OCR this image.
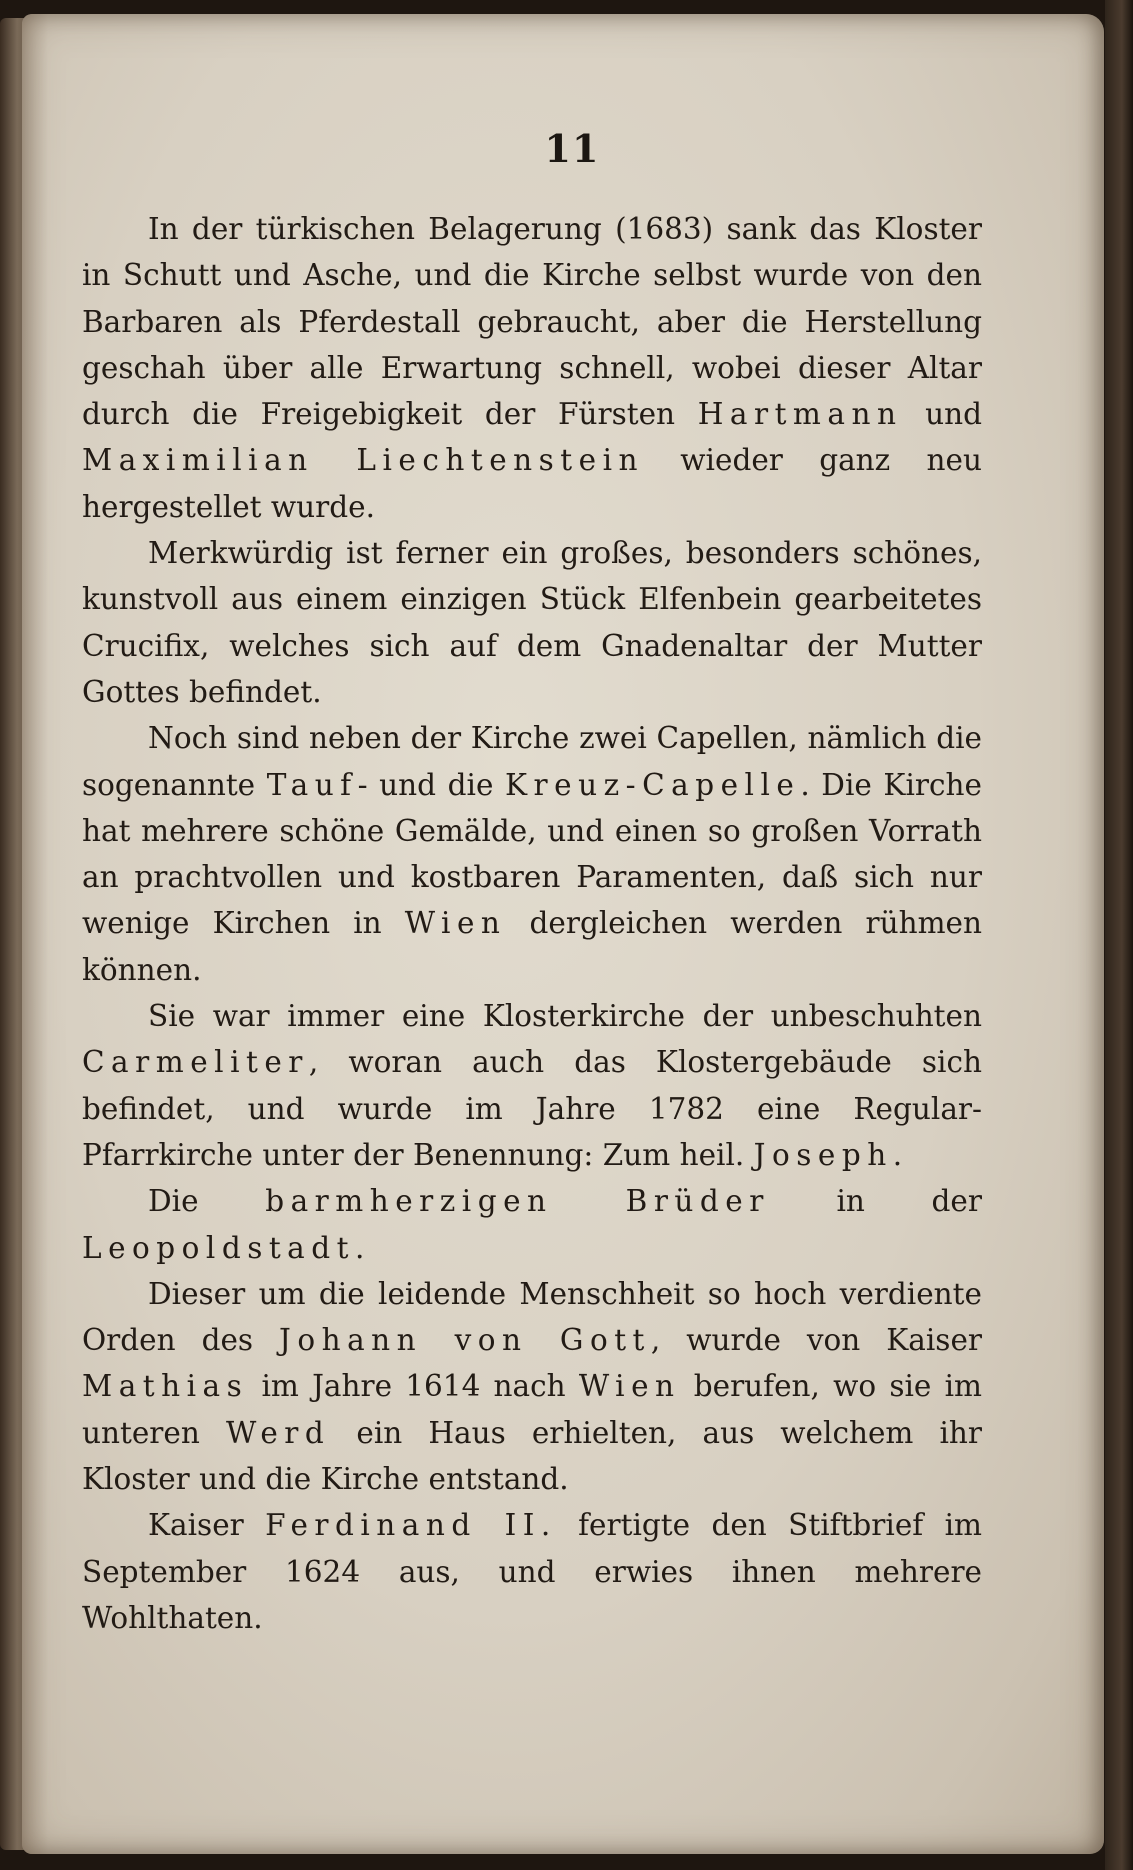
11

In der türkischen Belagerung (1683) sank das Kloster in Schutt und Asche, und die Kirche selbst wurde von den Barbaren als Pferdestall gebraucht, aber die Herstellung geschah über alle Erwartung schnell, wobei dieser Altar durch die Freigebigkeit der Fürsten Hartmann und Maximilian Liechtenstein wieder ganz neu hergestellet wurde.

Merkwürdig ist ferner ein großes, besonders schönes, kunstvoll aus einem einzigen Stück Elfenbein gearbeitetes Crucifix, welches sich auf dem Gnadenaltar der Mutter Gottes befindet.

Noch sind neben der Kirche zwei Capellen, nämlich die sogenannte Tauf- und die Kreuz-Capelle. Die Kirche hat mehrere schöne Gemälde, und einen so großen Vorrath an prachtvollen und kostbaren Paramenten, daß sich nur wenige Kirchen in Wien dergleichen werden rühmen können.

Sie war immer eine Klosterkirche der unbeschuhten Carmeliter, woran auch das Klostergebäude sich befindet, und wurde im Jahre 1782 eine Regular-Pfarrkirche unter der Benennung: Zum heil. Joseph.

Die barmherzigen Brüder in der Leopoldstadt.

Dieser um die leidende Menschheit so hoch verdiente Orden des Johann von Gott, wurde von Kaiser Mathias im Jahre 1614 nach Wien berufen, wo sie im unteren Werd ein Haus erhielten, aus welchem ihr Kloster und die Kirche entstand.

Kaiser Ferdinand II. fertigte den Stiftbrief im September 1624 aus, und erwies ihnen mehrere Wohlthaten.
